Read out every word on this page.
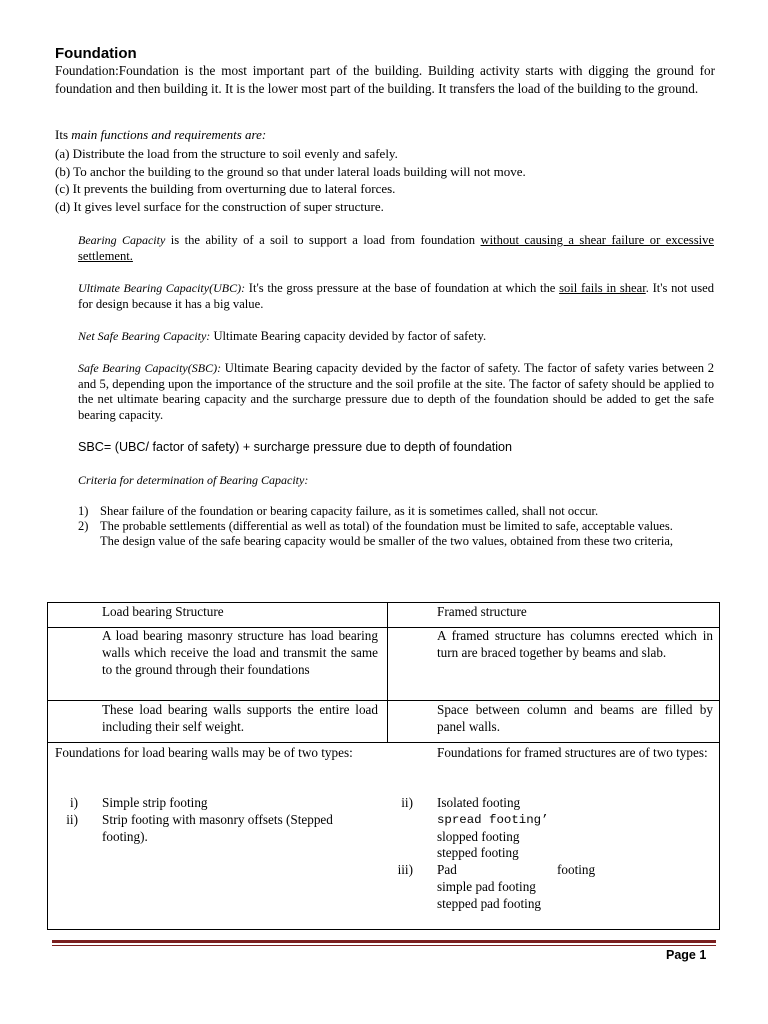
Foundation
Foundation:Foundation is the most important part of the building. Building activity starts with digging the ground for foundation and then building it. It is the lower most part of the building. It transfers the load of the building to the ground.
Its main functions and requirements are:
(a) Distribute the load from the structure to soil evenly and safely.
(b) To anchor the building to the ground so that under lateral loads building will not move.
(c) It prevents the building from overturning due to lateral forces.
(d) It gives level surface for the construction of super structure.
Bearing Capacity is the ability of a soil to support a load from foundation without causing a shear failure or excessive settlement.
Ultimate Bearing Capacity(UBC): It's the gross pressure at the base of foundation at which the soil fails in shear. It's not used for design because it has a big value.
Net Safe Bearing Capacity: Ultimate Bearing capacity devided by factor of safety.
Safe Bearing Capacity(SBC): Ultimate Bearing capacity devided by the factor of safety. The factor of safety varies between 2 and 5, depending upon the importance of the structure and the soil profile at the site. The factor of safety should be applied to the net ultimate bearing capacity and the surcharge pressure due to depth of the foundation should be added to get the safe bearing capacity.
SBC= (UBC/ factor of safety) + surcharge pressure due to depth of foundation
Criteria for determination of Bearing Capacity:
1) Shear failure of the foundation or bearing capacity failure, as it is sometimes called, shall not occur.
2) The probable settlements (differential as well as total) of the foundation must be limited to safe, acceptable values.
The design value of the safe bearing capacity would be smaller of the two values, obtained from these two criteria,
Load bearing Structure	Framed structure
A load bearing masonry structure has load bearing walls which receive the load and transmit the same to the ground through their foundations
A framed structure has columns erected which in turn are braced together by beams and slab.
These load bearing walls supports the entire load including their self weight.
Space between column and beams are filled by panel walls.
Foundations for load bearing walls may be of two types:
i) Simple strip footing
ii) Strip footing with masonry offsets (Stepped
footing).
Foundations for framed structures are of two types:
ii) Isolated footing
spread footing’
slopped footing
stepped footing
iii) Pad	footing
simple pad footing
stepped pad footing
Page 1
